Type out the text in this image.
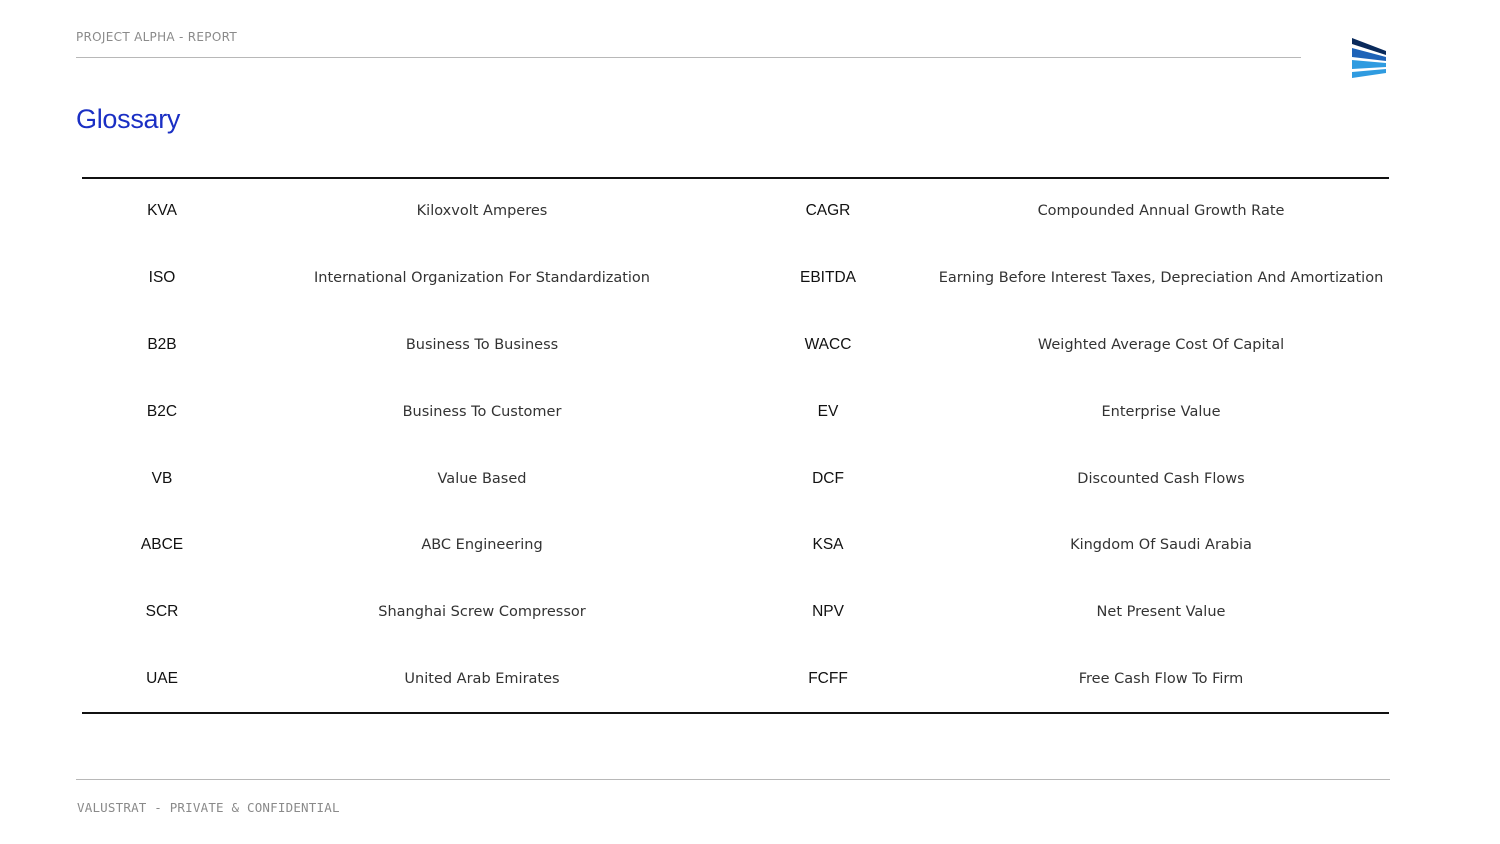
PROJECT ALPHA - REPORT
Glossary
KVA	Kiloxvolt Amperes	CAGR	Compounded Annual Growth Rate
ISO	International Organization For Standardization	EBITDA	Earning Before Interest Taxes, Depreciation And Amortization
B2B	Business To Business	WACC	Weighted Average Cost Of Capital
B2C	Business To Customer	EV	Enterprise Value
VB	Value Based	DCF	Discounted Cash Flows
ABCE	ABC Engineering	KSA	Kingdom Of Saudi Arabia
SCR	Shanghai Screw Compressor	NPV	Net Present Value
UAE	United Arab Emirates	FCFF	Free Cash Flow To Firm
VALUSTRAT - PRIVATE & CONFIDENTIAL
